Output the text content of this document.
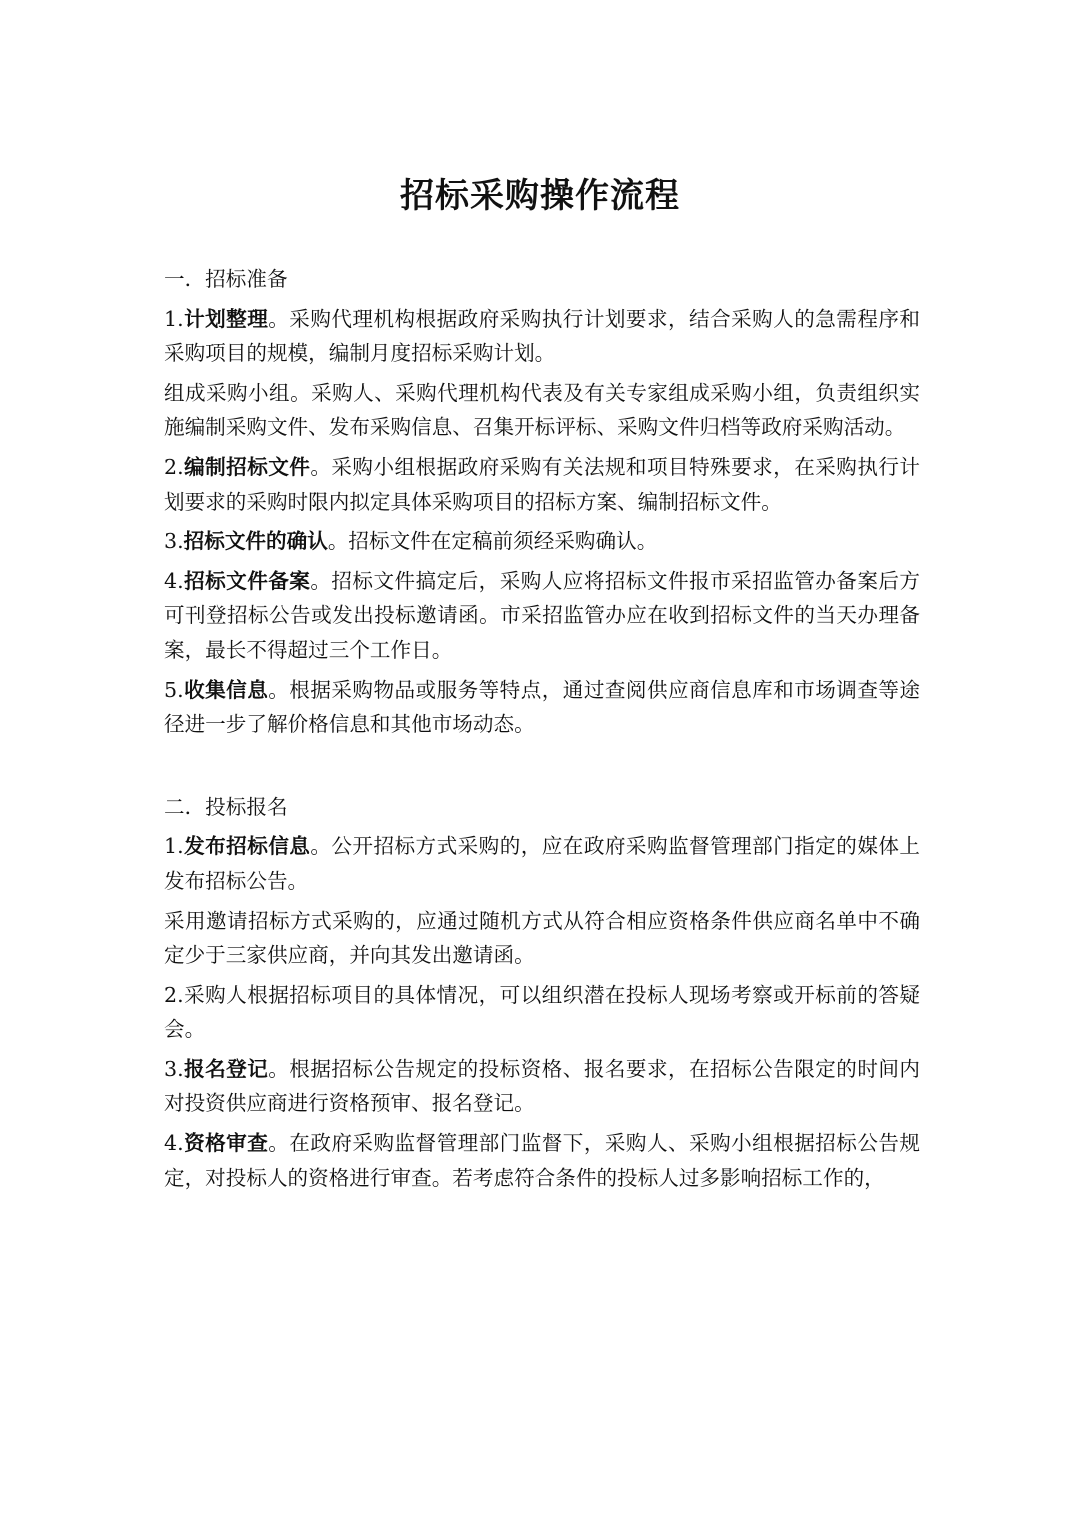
招标采购操作流程

一．招标准备

1.计划整理。采购代理机构根据政府采购执行计划要求，结合采购人的急需程序和采购项目的规模，编制月度招标采购计划。

组成采购小组。采购人、采购代理机构代表及有关专家组成采购小组，负责组织实施编制采购文件、发布采购信息、召集开标评标、采购文件归档等政府采购活动。

2.编制招标文件。采购小组根据政府采购有关法规和项目特殊要求，在采购执行计划要求的采购时限内拟定具体采购项目的招标方案、编制招标文件。

3.招标文件的确认。招标文件在定稿前须经采购确认。

4.招标文件备案。招标文件搞定后，采购人应将招标文件报市采招监管办备案后方可刊登招标公告或发出投标邀请函。市采招监管办应在收到招标文件的当天办理备案，最长不得超过三个工作日。

5.收集信息。根据采购物品或服务等特点，通过查阅供应商信息库和市场调查等途径进一步了解价格信息和其他市场动态。

二．投标报名

1.发布招标信息。公开招标方式采购的，应在政府采购监督管理部门指定的媒体上发布招标公告。

采用邀请招标方式采购的，应通过随机方式从符合相应资格条件供应商名单中不确定少于三家供应商，并向其发出邀请函。

2.采购人根据招标项目的具体情况，可以组织潜在投标人现场考察或开标前的答疑会。

3.报名登记。根据招标公告规定的投标资格、报名要求，在招标公告限定的时间内对投资供应商进行资格预审、报名登记。

4.资格审查。在政府采购监督管理部门监督下，采购人、采购小组根据招标公告规定，对投标人的资格进行审查。若考虑符合条件的投标人过多影响招标工作的，
